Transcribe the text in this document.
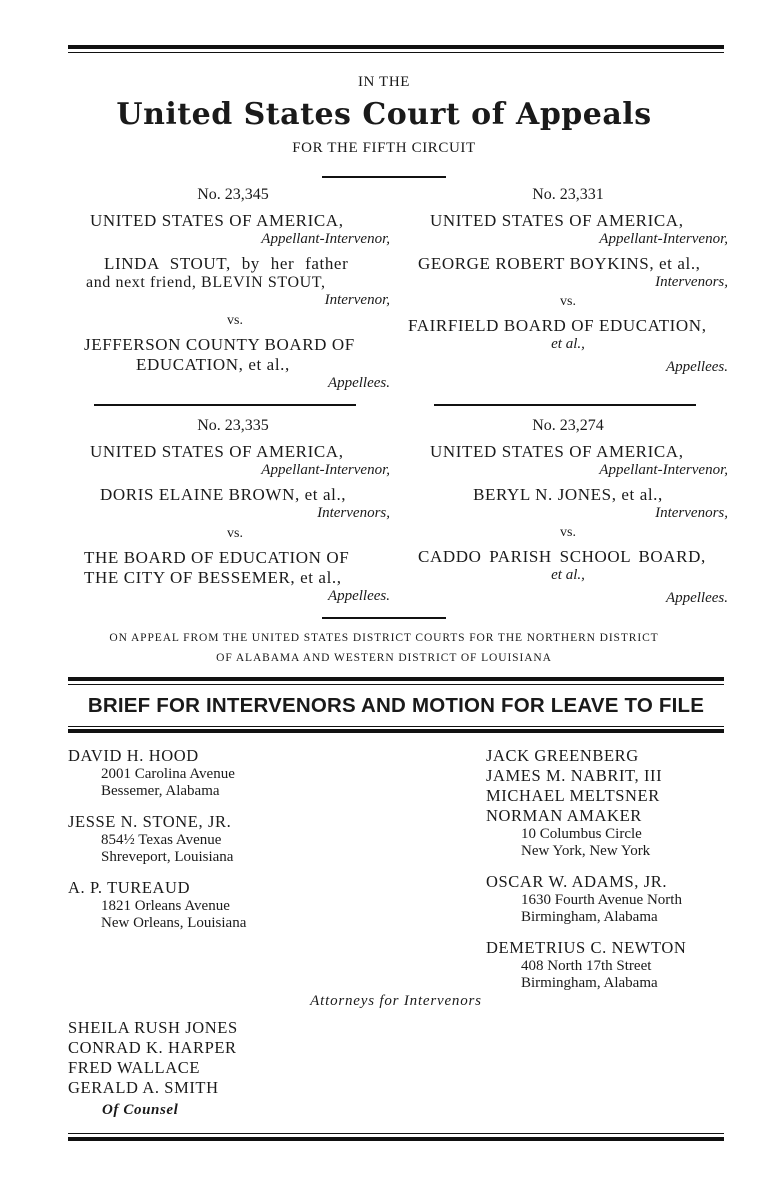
IN THE
United States Court of Appeals
FOR THE FIFTH CIRCUIT
No. 23,345
UNITED STATES OF AMERICA,
Appellant-Intervenor,
LINDA STOUT, by her father
and next friend, BLEVIN STOUT,
Intervenor,
vs.
JEFFERSON COUNTY BOARD OF
EDUCATION, et al.,
Appellees.
No. 23,331
UNITED STATES OF AMERICA,
Appellant-Intervenor,
GEORGE ROBERT BOYKINS, et al.,
Intervenors,
vs.
FAIRFIELD BOARD OF EDUCATION,
et al.,
Appellees.
No. 23,335
UNITED STATES OF AMERICA,
Appellant-Intervenor,
DORIS ELAINE BROWN, et al.,
Intervenors,
vs.
THE BOARD OF EDUCATION OF
THE CITY OF BESSEMER, et al.,
Appellees.
No. 23,274
UNITED STATES OF AMERICA,
Appellant-Intervenor,
BERYL N. JONES, et al.,
Intervenors,
vs.
CADDO PARISH SCHOOL BOARD,
et al.,
Appellees.
ON APPEAL FROM THE UNITED STATES DISTRICT COURTS FOR THE NORTHERN DISTRICT
OF ALABAMA AND WESTERN DISTRICT OF LOUISIANA
BRIEF FOR INTERVENORS AND MOTION FOR LEAVE TO FILE
DAVID H. HOOD
2001 Carolina Avenue
Bessemer, Alabama
JESSE N. STONE, JR.
854½ Texas Avenue
Shreveport, Louisiana
A. P. TUREAUD
1821 Orleans Avenue
New Orleans, Louisiana
JACK GREENBERG
JAMES M. NABRIT, III
MICHAEL MELTSNER
NORMAN AMAKER
10 Columbus Circle
New York, New York
OSCAR W. ADAMS, JR.
1630 Fourth Avenue North
Birmingham, Alabama
DEMETRIUS C. NEWTON
408 North 17th Street
Birmingham, Alabama
Attorneys for Intervenors
SHEILA RUSH JONES
CONRAD K. HARPER
FRED WALLACE
GERALD A. SMITH
Of Counsel
